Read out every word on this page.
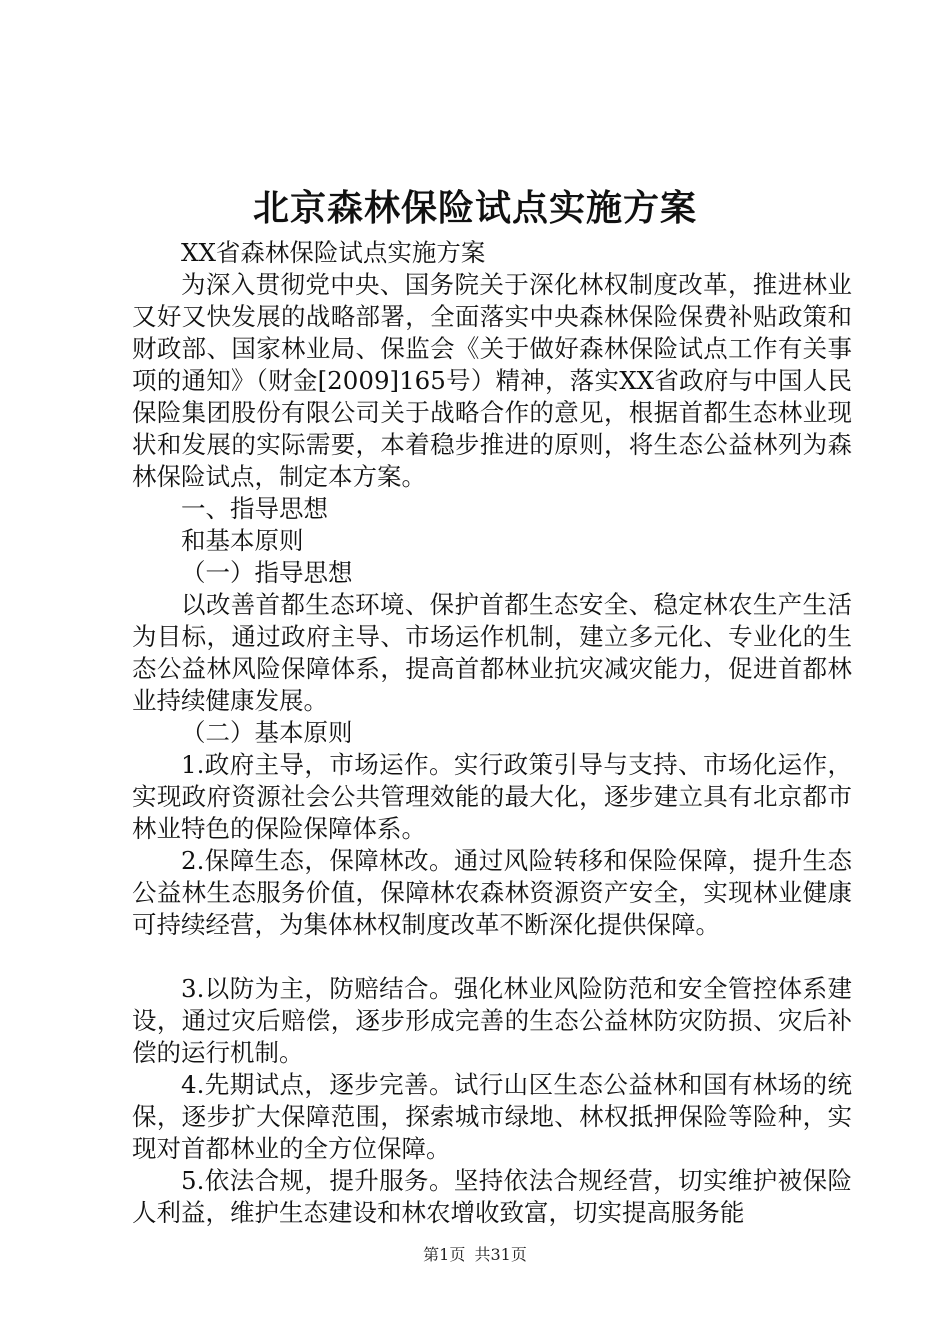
北京森林保险试点实施方案

XX省森林保险试点实施方案

为深入贯彻党中央、国务院关于深化林权制度改革，推进林业又好又快发展的战略部署，全面落实中央森林保险保费补贴政策和财政部、国家林业局、保监会《关于做好森林保险试点工作有关事项的通知》（财金[2009]165号）精神，落实XX省政府与中国人民保险集团股份有限公司关于战略合作的意见，根据首都生态林业现状和发展的实际需要，本着稳步推进的原则，将生态公益林列为森林保险试点，制定本方案。

一、指导思想

和基本原则

（一）指导思想

以改善首都生态环境、保护首都生态安全、稳定林农生产生活为目标，通过政府主导、市场运作机制，建立多元化、专业化的生态公益林风险保障体系，提高首都林业抗灾减灾能力，促进首都林业持续健康发展。

（二）基本原则

1.政府主导，市场运作。实行政策引导与支持、市场化运作，实现政府资源社会公共管理效能的最大化，逐步建立具有北京都市林业特色的保险保障体系。

2.保障生态，保障林改。通过风险转移和保险保障，提升生态公益林生态服务价值，保障林农森林资源资产安全，实现林业健康可持续经营，为集体林权制度改革不断深化提供保障。

3.以防为主，防赔结合。强化林业风险防范和安全管控体系建设，通过灾后赔偿，逐步形成完善的生态公益林防灾防损、灾后补偿的运行机制。

4.先期试点，逐步完善。试行山区生态公益林和国有林场的统保，逐步扩大保障范围，探索城市绿地、林权抵押保险等险种，实现对首都林业的全方位保障。

5.依法合规，提升服务。坚持依法合规经营，切实维护被保险人利益，维护生态建设和林农增收致富，切实提高服务能

第1页 共31页
